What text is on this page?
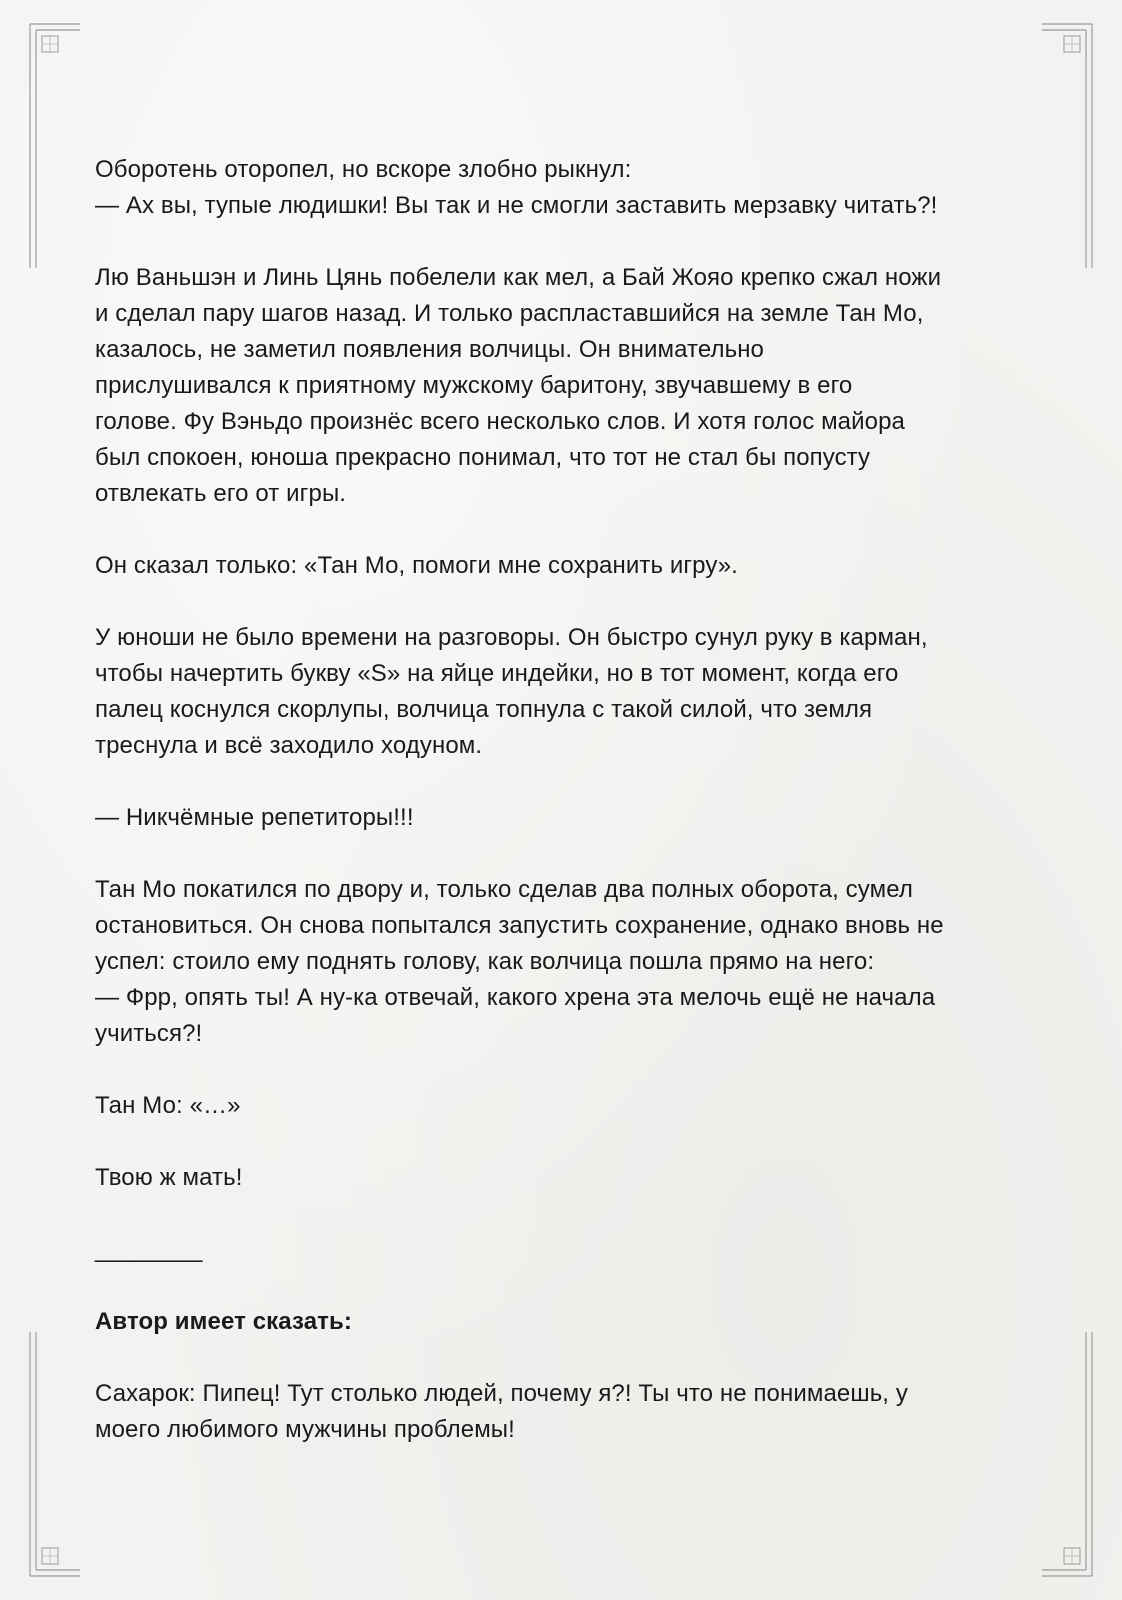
Оборотень оторопел, но вскоре злобно рыкнул:
— Ах вы, тупые людишки! Вы так и не смогли заставить мерзавку читать?!

Лю Ваньшэн и Линь Цянь побелели как мел, а Бай Жояо крепко сжал ножи
и сделал пару шагов назад. И только распластавшийся на земле Тан Мо,
казалось, не заметил появления волчицы. Он внимательно
прислушивался к приятному мужскому баритону, звучавшему в его
голове. Фу Вэньдо произнёс всего несколько слов. И хотя голос майора
был спокоен, юноша прекрасно понимал, что тот не стал бы попусту
отвлекать его от игры.

Он сказал только: «Тан Мо, помоги мне сохранить игру».

У юноши не было времени на разговоры. Он быстро сунул руку в карман,
чтобы начертить букву «S» на яйце индейки, но в тот момент, когда его
палец коснулся скорлупы, волчица топнула с такой силой, что земля
треснула и всё заходило ходуном.

— Никчёмные репетиторы!!!

Тан Мо покатился по двору и, только сделав два полных оборота, сумел
остановиться. Он снова попытался запустить сохранение, однако вновь не
успел: стоило ему поднять голову, как волчица пошла прямо на него:
— Фрр, опять ты! А ну-ка отвечай, какого хрена эта мелочь ещё не начала
учиться?!

Тан Мо: «…»

Твою ж мать!

________

Автор имеет сказать:

Сахарок: Пипец! Тут столько людей, почему я?! Ты что не понимаешь, у
моего любимого мужчины проблемы!
